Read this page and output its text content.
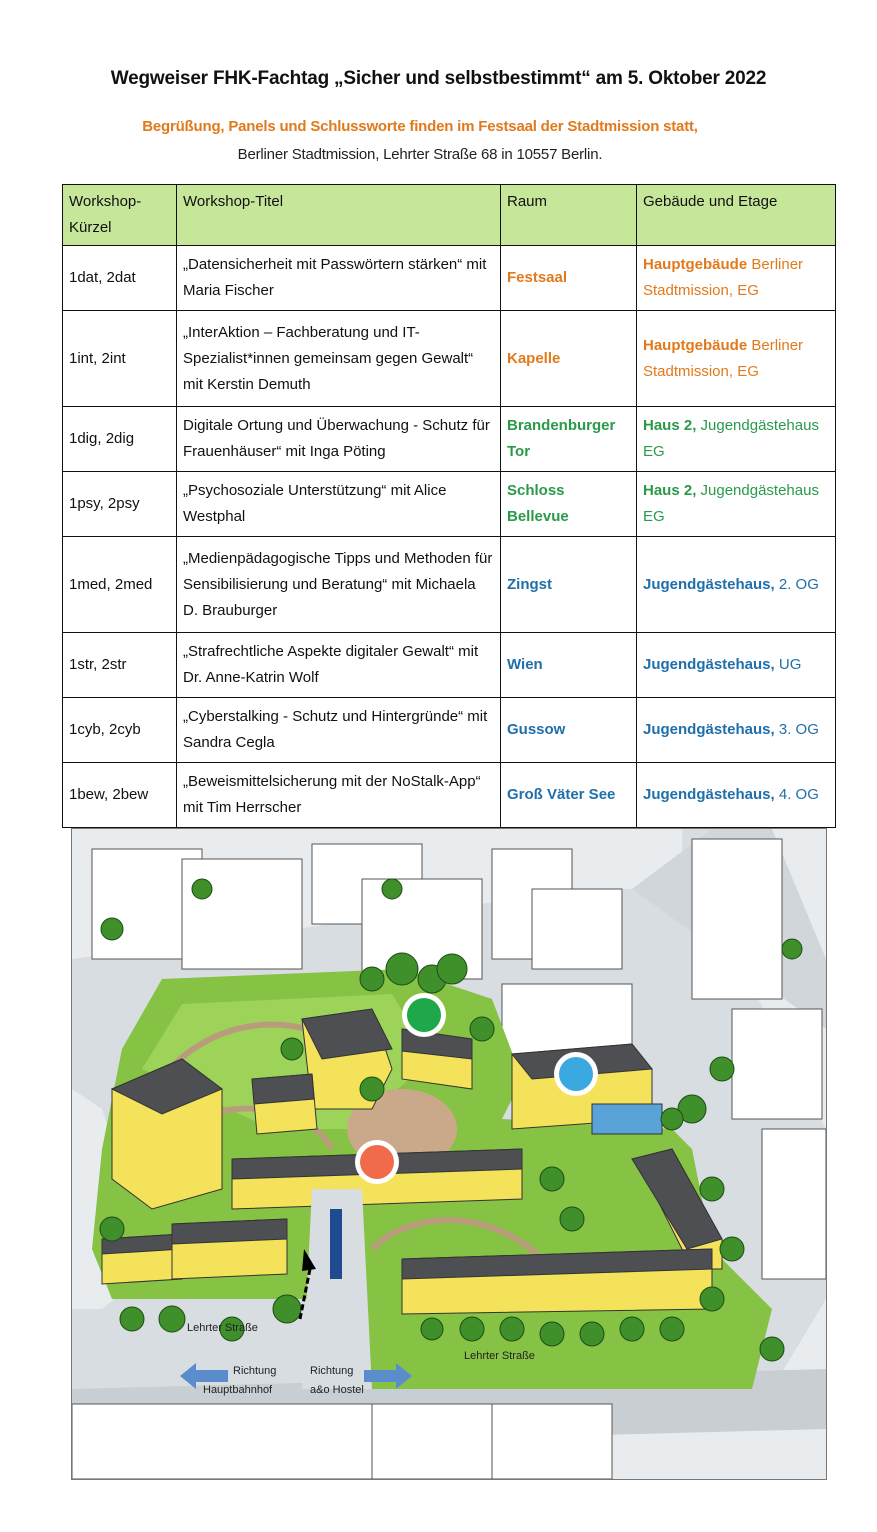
Wegweiser FHK-Fachtag „Sicher und selbstbestimmt“ am 5. Oktober 2022
Begrüßung, Panels und Schlussworte finden im Festsaal der Stadtmission statt,
Berliner Stadtmission, Lehrter Straße 68 in 10557 Berlin.
Workshop-Kürzel	Workshop-Titel	Raum	Gebäude und Etage
1dat, 2dat	„Datensicherheit mit Passwörtern stärken“ mit Maria Fischer	Festsaal	Hauptgebäude Berliner Stadtmission, EG
1int, 2int	„InterAktion – Fachberatung und IT-Spezialist*innen gemeinsam gegen Gewalt“ mit Kerstin Demuth	Kapelle	Hauptgebäude Berliner Stadtmission, EG
1dig, 2dig	Digitale Ortung und Überwachung - Schutz für Frauenhäuser“ mit Inga Pöting	Brandenburger Tor	Haus 2, Jugendgästehaus EG
1psy, 2psy	„Psychosoziale Unterstützung“ mit Alice Westphal	Schloss Bellevue	Haus 2, Jugendgästehaus EG
1med, 2med	„Medienpädagogische Tipps und Methoden für Sensibilisierung und Beratung“ mit Michaela D. Brauburger	Zingst	Jugendgästehaus, 2. OG
1str, 2str	„Strafrechtliche Aspekte digitaler Gewalt“ mit Dr. Anne-Katrin Wolf	Wien	Jugendgästehaus, UG
1cyb, 2cyb	„Cyberstalking - Schutz und Hintergründe“ mit Sandra Cegla	Gussow	Jugendgästehaus, 3. OG
1bew, 2bew	„Beweismittelsicherung mit der NoStalk-App“ mit Tim Herrscher	Groß Väter See	Jugendgästehaus, 4. OG
Lehrter Straße
Lehrter Straße
Richtung
Hauptbahnhof
Richtung
a&o Hostel
